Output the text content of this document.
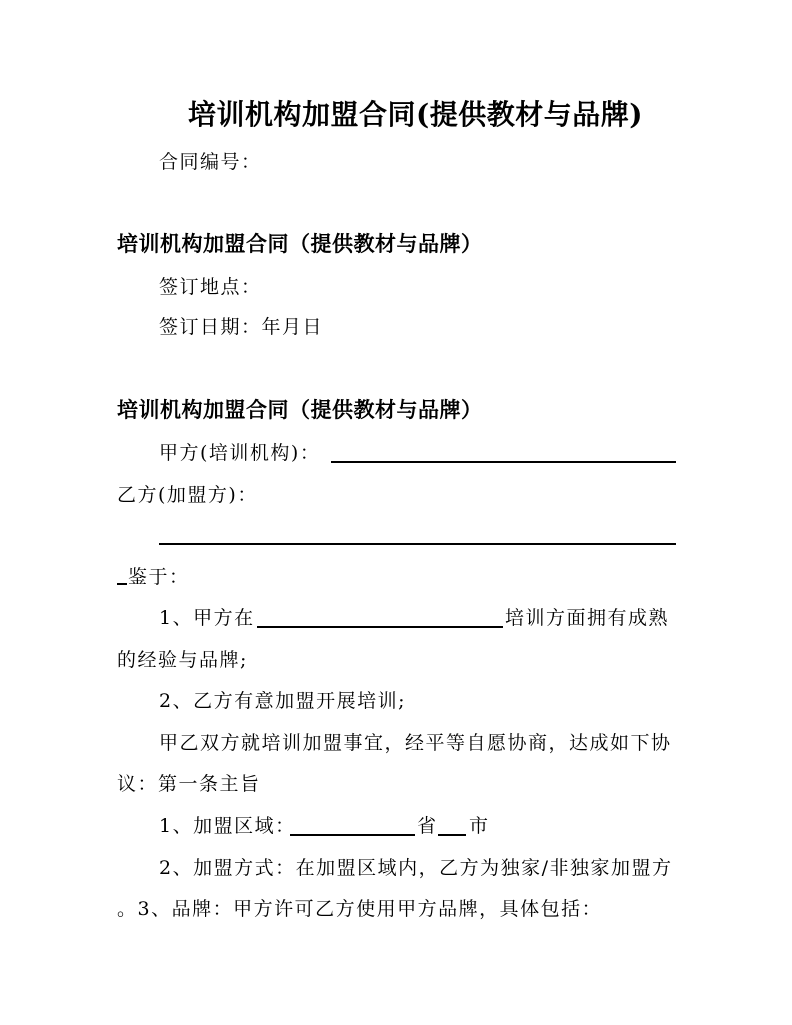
培训机构加盟合同(提供教材与品牌)
合同编号：
培训机构加盟合同（提供教材与品牌）
签订地点：
签订日期：年月日
培训机构加盟合同（提供教材与品牌）
甲方(培训机构)：
乙方(加盟方)：
鉴于：
1、甲方在	培训方面拥有成熟
的经验与品牌;
2、乙方有意加盟开展培训;
甲乙双方就培训加盟事宜，经平等自愿协商，达成如下协
议：第一条主旨
1、加盟区域：	省 市
2、加盟方式：在加盟区域内，乙方为独家/非独家加盟方
。3、品牌：甲方许可乙方使用甲方品牌，具体包括：
